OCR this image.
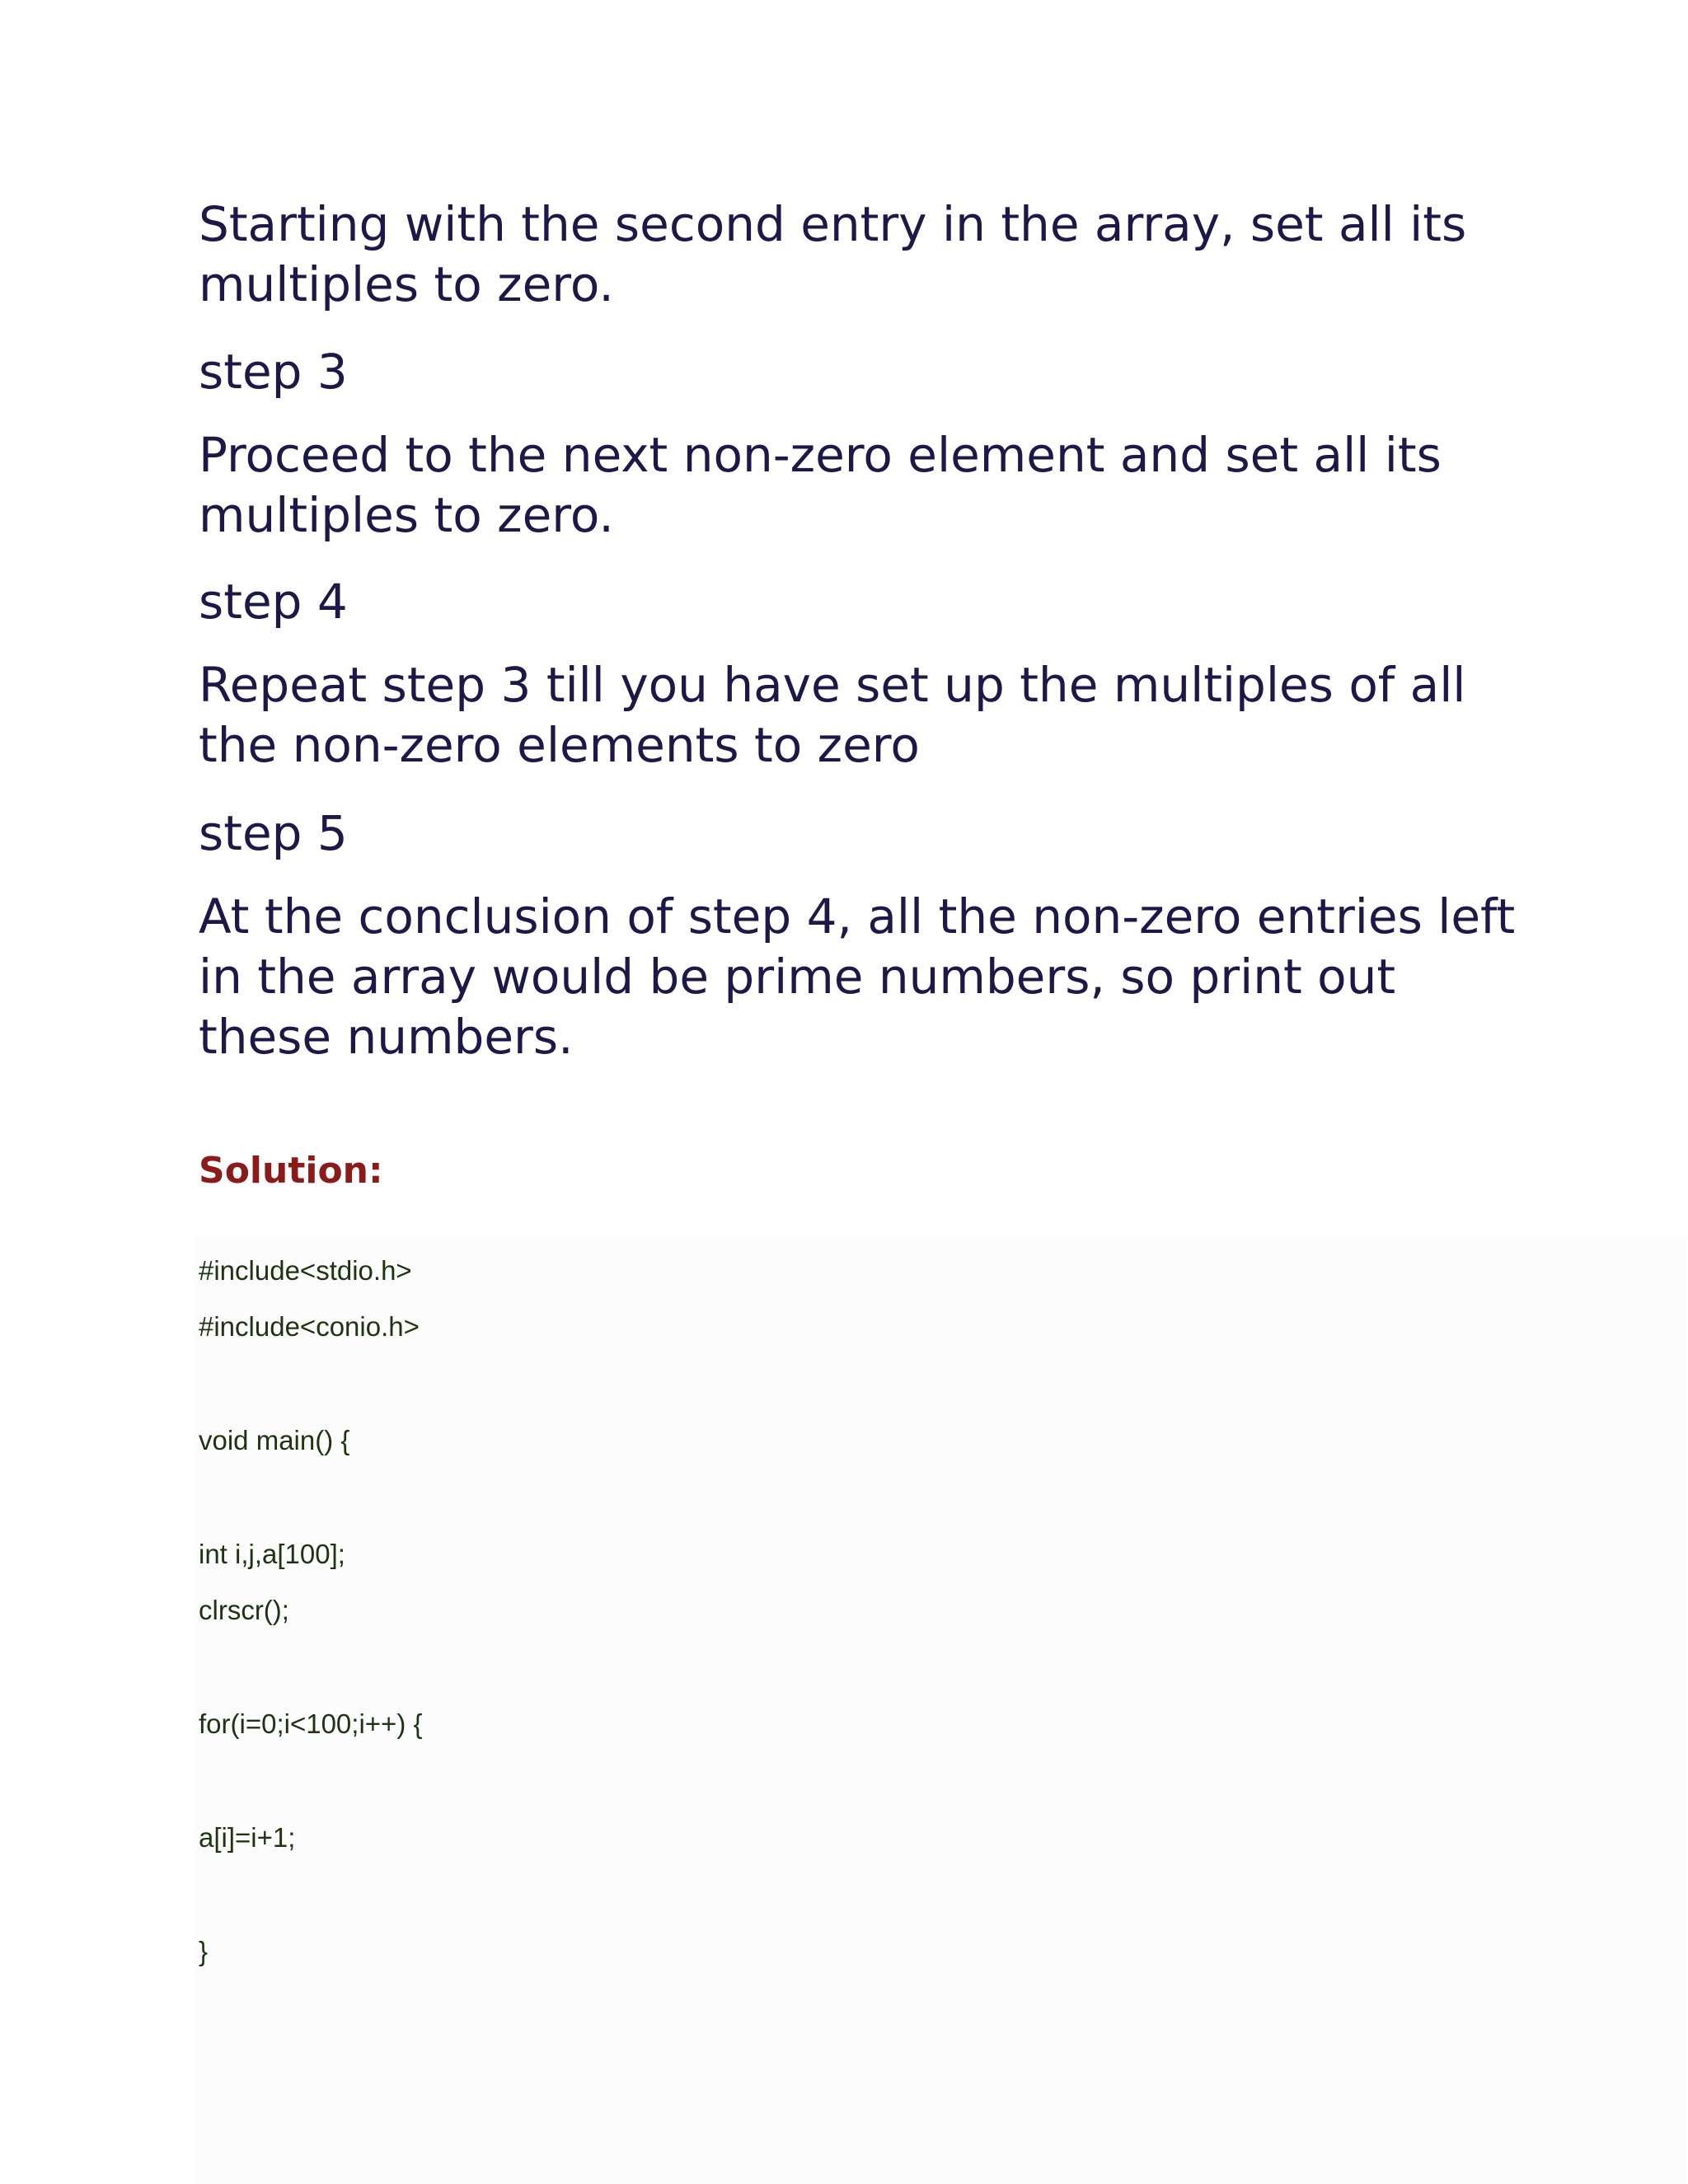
Starting with the second entry in the array, set all its multiples to zero.

step 3

Proceed to the next non-zero element and set all its multiples to zero.

step 4

Repeat step 3 till you have set up the multiples of all the non-zero elements to zero

step 5

At the conclusion of step 4, all the non-zero entries left in the array would be prime numbers, so print out these numbers.

Solution:

#include<stdio.h>

#include<conio.h>

void main() {

int i,j,a[100];

clrscr();

for(i=0;i<100;i++) {

a[i]=i+1;

}
